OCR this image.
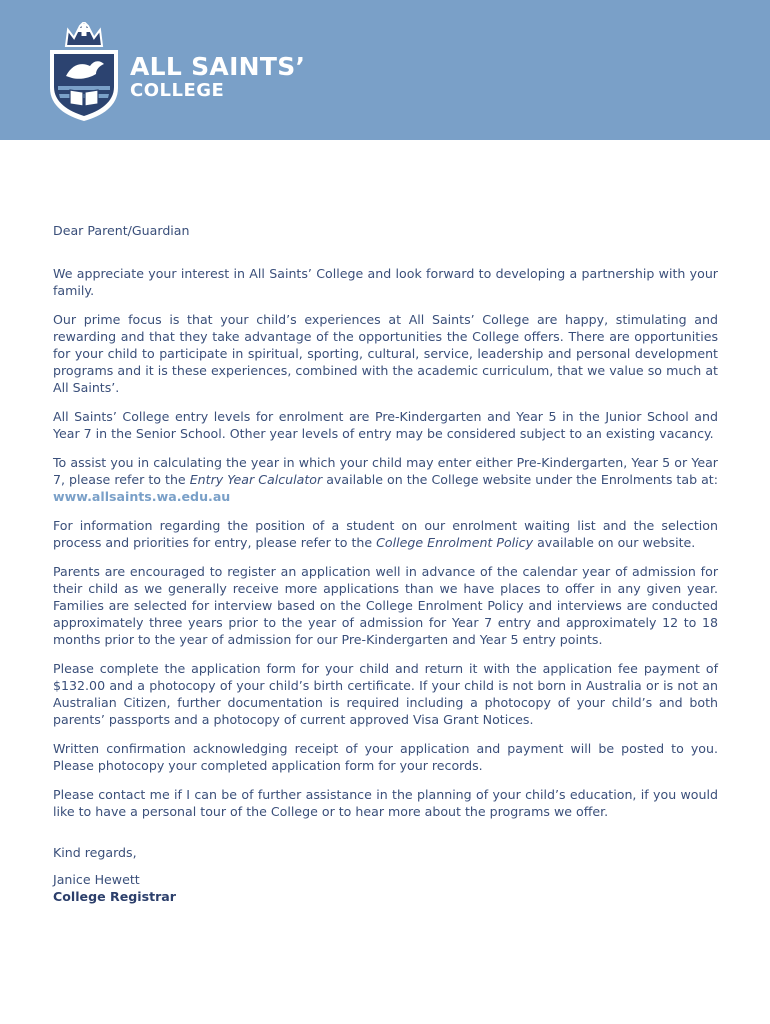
ALL SAINTS’
COLLEGE

Dear Parent/Guardian

We appreciate your interest in All Saints’ College and look forward to developing a partnership with your family.

Our prime focus is that your child’s experiences at All Saints’ College are happy, stimulating and rewarding and that they take advantage of the opportunities the College offers. There are opportunities for your child to participate in spiritual, sporting, cultural, service, leadership and personal development programs and it is these experiences, combined with the academic curriculum, that we value so much at All Saints’.

All Saints’ College entry levels for enrolment are Pre-Kindergarten and Year 5 in the Junior School and Year 7 in the Senior School. Other year levels of entry may be considered subject to an existing vacancy.

To assist you in calculating the year in which your child may enter either Pre-Kindergarten, Year 5 or Year 7, please refer to the Entry Year Calculator available on the College website under the Enrolments tab at: www.allsaints.wa.edu.au

For information regarding the position of a student on our enrolment waiting list and the selection process and priorities for entry, please refer to the College Enrolment Policy available on our website.

Parents are encouraged to register an application well in advance of the calendar year of admission for their child as we generally receive more applications than we have places to offer in any given year. Families are selected for interview based on the College Enrolment Policy and interviews are conducted approximately three years prior to the year of admission for Year 7 entry and approximately 12 to 18 months prior to the year of admission for our Pre-Kindergarten and Year 5 entry points.

Please complete the application form for your child and return it with the application fee payment of $132.00 and a photocopy of your child’s birth certificate. If your child is not born in Australia or is not an Australian Citizen, further documentation is required including a photocopy of your child’s and both parents’ passports and a photocopy of current approved Visa Grant Notices.

Written confirmation acknowledging receipt of your application and payment will be posted to you. Please photocopy your completed application form for your records.

Please contact me if I can be of further assistance in the planning of your child’s education, if you would like to have a personal tour of the College or to hear more about the programs we offer.

Kind regards,

Janice Hewett

College Registrar
